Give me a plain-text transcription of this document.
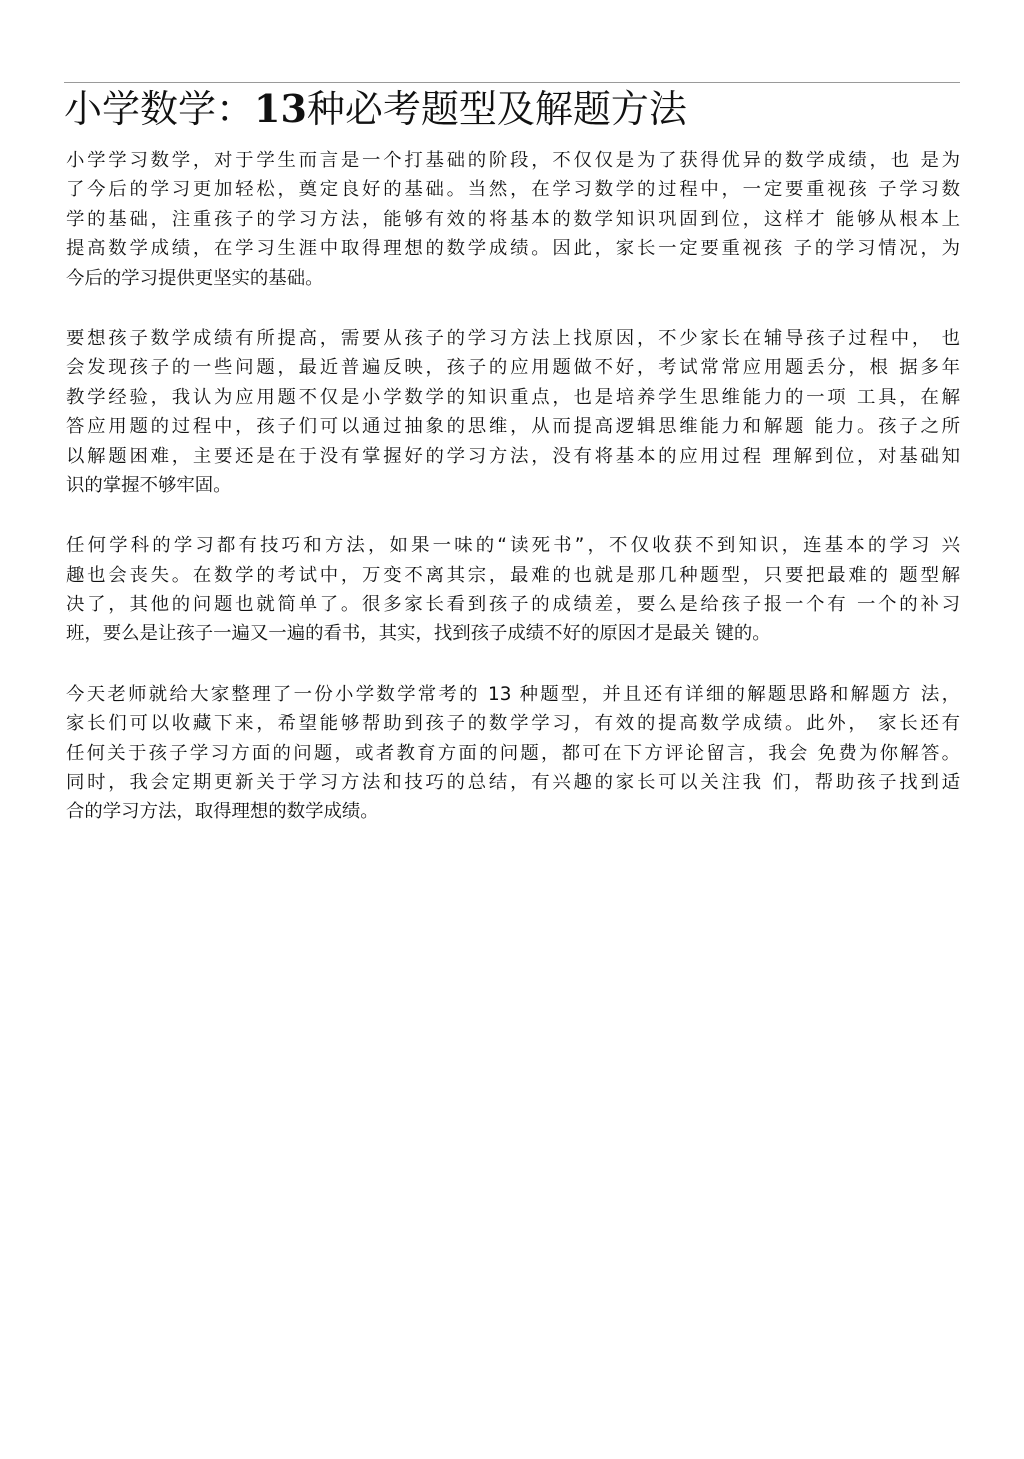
小学数学：13种必考题型及解题方法
小学学习数学，对于学生而言是一个打基础的阶段，不仅仅是为了获得优异的数学成绩，也 是为
了今后的学习更加轻松，奠定良好的基础。当然，在学习数学的过程中，一定要重视孩 子学习数
学的基础，注重孩子的学习方法，能够有效的将基本的数学知识巩固到位，这样才 能够从根本上
提高数学成绩，在学习生涯中取得理想的数学成绩。因此，家长一定要重视孩 子的学习情况，为
今后的学习提供更坚实的基础。
要想孩子数学成绩有所提高，需要从孩子的学习方法上找原因，不少家长在辅导孩子过程中， 也
会发现孩子的一些问题，最近普遍反映，孩子的应用题做不好，考试常常应用题丢分，根 据多年
教学经验，我认为应用题不仅是小学数学的知识重点，也是培养学生思维能力的一项 工具，在解
答应用题的过程中，孩子们可以通过抽象的思维，从而提高逻辑思维能力和解题 能力。孩子之所
以解题困难，主要还是在于没有掌握好的学习方法，没有将基本的应用过程 理解到位，对基础知
识的掌握不够牢固。
任何学科的学习都有技巧和方法，如果一味的“读死书”，不仅收获不到知识，连基本的学习 兴
趣也会丧失。在数学的考试中，万变不离其宗，最难的也就是那几种题型，只要把最难的 题型解
决了，其他的问题也就简单了。很多家长看到孩子的成绩差，要么是给孩子报一个有 一个的补习
班，要么是让孩子一遍又一遍的看书，其实，找到孩子成绩不好的原因才是最关 键的。
今天老师就给大家整理了一份小学数学常考的 13 种题型，并且还有详细的解题思路和解题方 法，
家长们可以收藏下来，希望能够帮助到孩子的数学学习，有效的提高数学成绩。此外， 家长还有
任何关于孩子学习方面的问题，或者教育方面的问题，都可在下方评论留言，我会 免费为你解答。
同时，我会定期更新关于学习方法和技巧的总结，有兴趣的家长可以关注我 们，帮助孩子找到适
合的学习方法，取得理想的数学成绩。
